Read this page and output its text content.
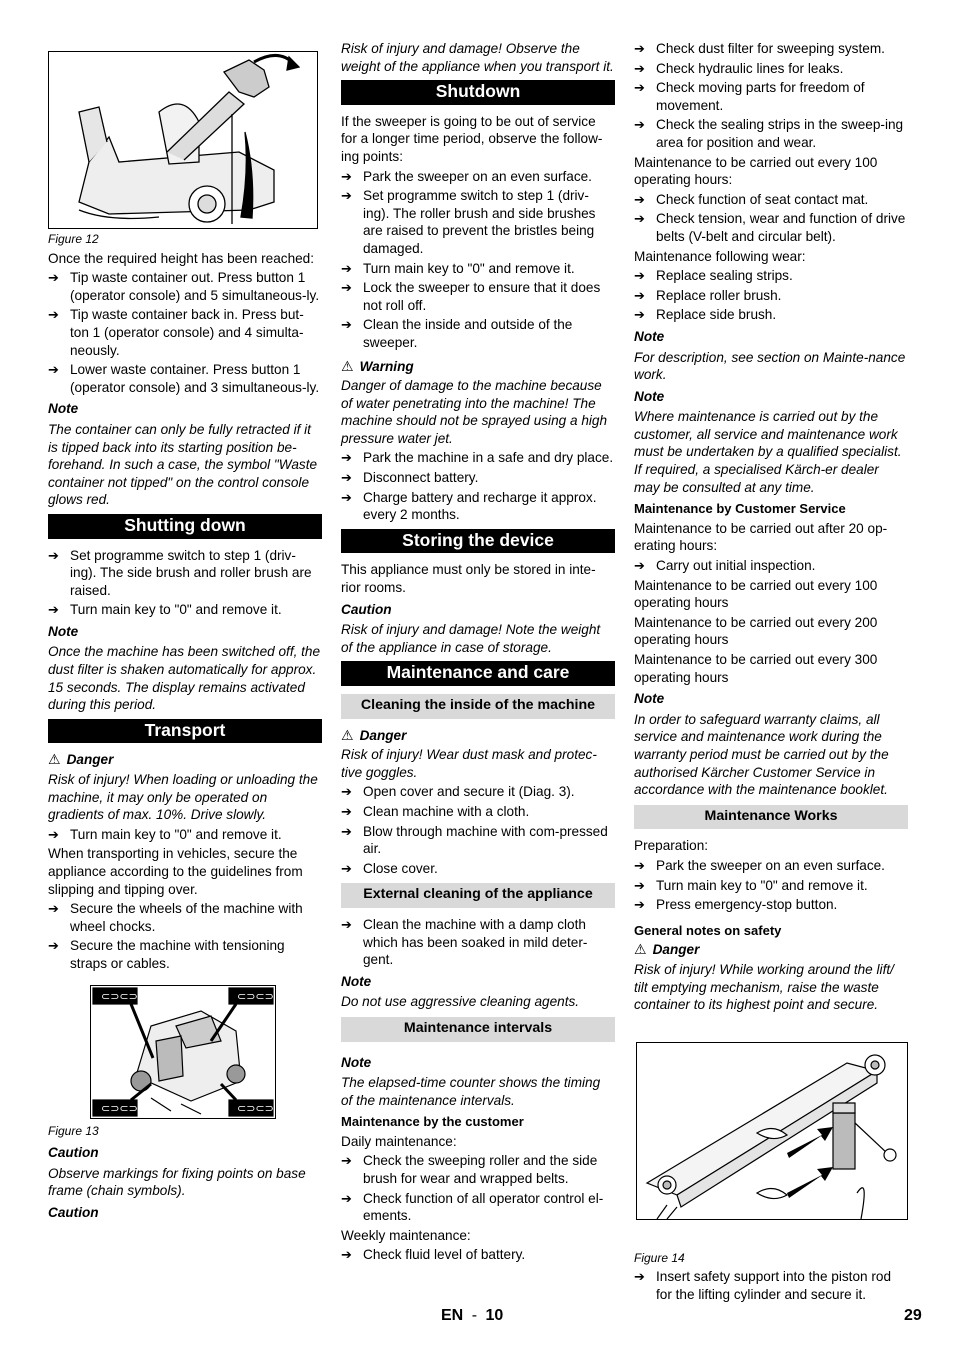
Figure 12
Once the required height has been reached:
➔ Tip waste container out. Press button 1 (operator console) and 5 simultaneous-ly.
➔ Tip waste container back in. Press but-ton 1 (operator console) and 4 simulta-neously.
➔ Lower waste container. Press button 1 (operator console) and 3 simultaneous-ly.
Note
The container can only be fully retracted if it is tipped back into its starting position be-forehand. In such a case, the symbol "Waste container not tipped" on the control console glows red.
Shutting down
➔ Set programme switch to step 1 (driv-ing). The side brush and roller brush are raised.
➔ Turn main key to "0" and remove it.
Note
Once the machine has been switched off, the dust filter is shaken automatically for approx. 15 seconds. The display remains activated during this period.
Transport
⚠ Danger
Risk of injury! When loading or unloading the machine, it may only be operated on gradients of max. 10%. Drive slowly.
➔ Turn main key to "0" and remove it.
When transporting in vehicles, secure the appliance according to the guidelines from slipping and tipping over.
➔ Secure the wheels of the machine with wheel chocks.
➔ Secure the machine with tensioning straps or cables.
⊂⊃⊂⊃	⊂⊃⊂⊃
⊂⊃⊂⊃	⊂⊃⊂⊃
Figure 13
Caution
Observe markings for fixing points on base frame (chain symbols).
Caution
Risk of injury and damage! Observe the weight of the appliance when you transport it.
Shutdown
If the sweeper is going to be out of service for a longer time period, observe the follow-ing points:
➔ Park the sweeper on an even surface.
➔ Set programme switch to step 1 (driv-ing). The roller brush and side brushes are raised to prevent the bristles being damaged.
➔ Turn main key to "0" and remove it.
➔ Lock the sweeper to ensure that it does not roll off.
➔ Clean the inside and outside of the sweeper.
⚠ Warning
Danger of damage to the machine because of water penetrating into the machine! The machine should not be sprayed using a high pressure water jet.
➔ Park the machine in a safe and dry place.
➔ Disconnect battery.
➔ Charge battery and recharge it approx. every 2 months.
Storing the device
This appliance must only be stored in inte-rior rooms.
Caution
Risk of injury and damage! Note the weight of the appliance in case of storage.
Maintenance and care
Cleaning the inside of the machine
⚠ Danger
Risk of injury! Wear dust mask and protec-tive goggles.
➔ Open cover and secure it (Diag. 3).
➔ Clean machine with a cloth.
➔ Blow through machine with com-pressed air.
➔ Close cover.
External cleaning of the appliance
➔ Clean the machine with a damp cloth which has been soaked in mild deter-gent.
Note
Do not use aggressive cleaning agents.
Maintenance intervals
Note
The elapsed-time counter shows the timing of the maintenance intervals.
Maintenance by the customer
Daily maintenance:
➔ Check the sweeping roller and the side brush for wear and wrapped belts.
➔ Check function of all operator control el-ements.
Weekly maintenance:
➔ Check fluid level of battery.
➔ Check dust filter for sweeping system.
➔ Check hydraulic lines for leaks.
➔ Check moving parts for freedom of movement.
➔ Check the sealing strips in the sweep-ing area for position and wear.
Maintenance to be carried out every 100 operating hours:
➔ Check function of seat contact mat.
➔ Check tension, wear and function of drive belts (V-belt and circular belt).
Maintenance following wear:
➔ Replace sealing strips.
➔ Replace roller brush.
➔ Replace side brush.
Note
For description, see section on Mainte-nance work.
Note
Where maintenance is carried out by the customer, all service and maintenance work must be undertaken by a qualified specialist. If required, a specialised Kärch-er dealer may be consulted at any time.
Maintenance by Customer Service
Maintenance to be carried out after 20 op-erating hours:
➔ Carry out initial inspection.
Maintenance to be carried out every 100 operating hours
Maintenance to be carried out every 200 operating hours
Maintenance to be carried out every 300 operating hours
Note
In order to safeguard warranty claims, all service and maintenance work during the warranty period must be carried out by the authorised Kärcher Customer Service in accordance with the maintenance booklet.
Maintenance Works
Preparation:
➔ Park the sweeper on an even surface.
➔ Turn main key to "0" and remove it.
➔ Press emergency-stop button.
General notes on safety
⚠ Danger
Risk of injury! While working around the lift/ tilt emptying mechanism, raise the waste container to its highest point and secure.
Figure 14
➔ Insert safety support into the piston rod for the lifting cylinder and secure it.
EN - 10	29
